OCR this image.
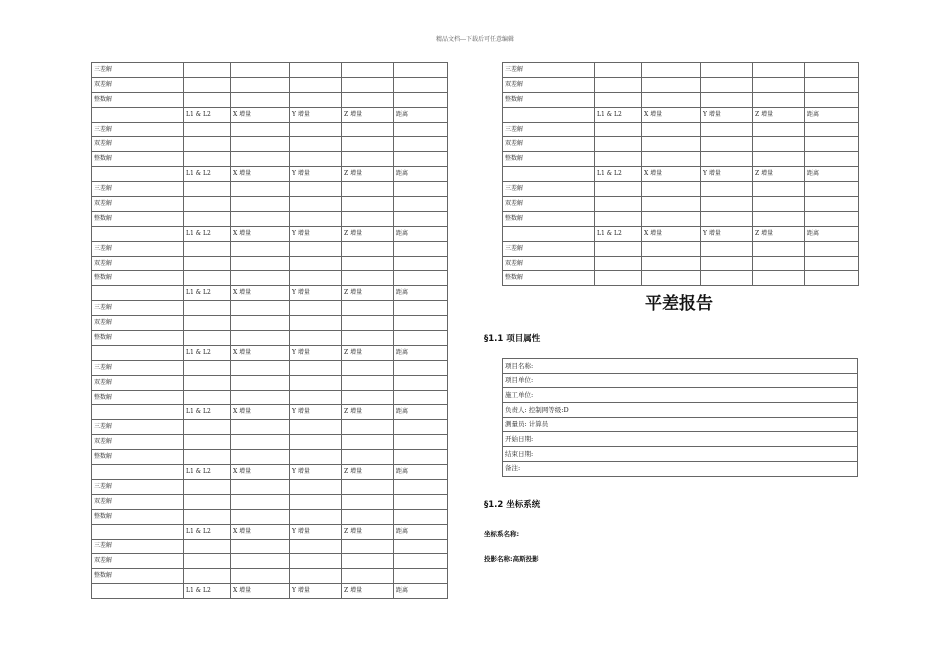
精品文档---下载后可任意编辑
三差解					
双差解					
整数解					
	L1 & L2	X 增量	Y 增量	Z 增量	距离
三差解					
双差解					
整数解					
	L1 & L2	X 增量	Y 增量	Z 增量	距离
三差解					
双差解					
整数解					
	L1 & L2	X 增量	Y 增量	Z 增量	距离
三差解					
双差解					
整数解					
	L1 & L2	X 增量	Y 增量	Z 增量	距离
三差解					
双差解					
整数解					
	L1 & L2	X 增量	Y 增量	Z 增量	距离
三差解					
双差解					
整数解					
	L1 & L2	X 增量	Y 增量	Z 增量	距离
三差解					
双差解					
整数解					
	L1 & L2	X 增量	Y 增量	Z 增量	距离
三差解					
双差解					
整数解					
	L1 & L2	X 增量	Y 增量	Z 增量	距离
三差解					
双差解					
整数解					
	L1 & L2	X 增量	Y 增量	Z 增量	距离
三差解					
双差解					
整数解					
	L1 & L2	X 增量	Y 增量	Z 增量	距离
三差解					
双差解					
整数解					
	L1 & L2	X 增量	Y 增量	Z 增量	距离
三差解					
双差解					
整数解					
	L1 & L2	X 增量	Y 增量	Z 增量	距离
三差解					
双差解					
整数解					
平差报告
§1.1 项目属性
项目名称:
项目单位:
施工单位:
负责人: 控制网等级:D
测量员: 计算员
开始日期:
结束日期:
备注:
§1.2 坐标系统
坐标系名称:
投影名称:高斯投影
